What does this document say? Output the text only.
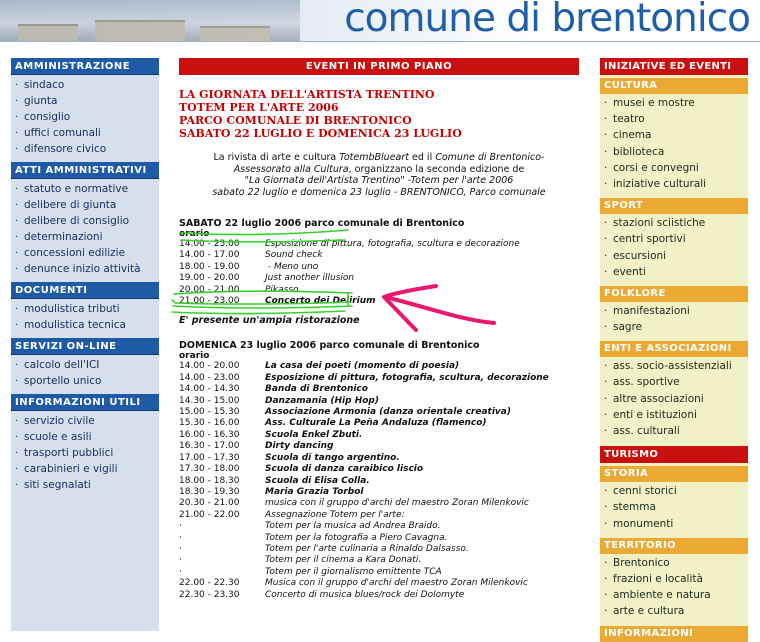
comune di brentonico
AMMINISTRAZIONE
· sindaco
· giunta
· consiglio
· uffici comunali
· difensore civico
ATTI AMMINISTRATIVI
· statuto e normative
· delibere di giunta
· delibere di consiglio
· determinazioni
· concessioni edilizie
· denunce inizio attività
DOCUMENTI
· modulistica tributi
· modulistica tecnica
SERVIZI ON-LINE
· calcolo dell'ICI
· sportello unico
INFORMAZIONI UTILI
· servizio civile
· scuole e asili
· trasporti pubblici
· carabinieri e vigili
· siti segnalati
EVENTI IN PRIMO PIANO
LA GIORNATA DELL'ARTISTA TRENTINO
TOTEM PER L'ARTE 2006
PARCO COMUNALE DI BRENTONICO
SABATO 22 LUGLIO E DOMENICA 23 LUGLIO
La rivista di arte e cultura TotembBlueart ed il Comune di Brentonico-
Assessorato alla Cultura, organizzano la seconda edizione de
"La Giornata dell'Artista Trentino" -Totem per l'arte 2006
sabato 22 luglio e domenica 23 luglio - BRENTONICO, Parco comunale
SABATO 22 luglio 2006 parco comunale di Brentonico
orario
14.00 - 23.00	Esposizione di pittura, fotografia, scultura e decorazione
14.00 - 17.00	Sound check
18.00 - 19.00	- Meno uno
19.00 - 20.00	Just another illusion
20.00 - 21.00	Pikasso
21.00 - 23.00	Concerto dei Delirium
E' presente un'ampia ristorazione
DOMENICA 23 luglio 2006 parco comunale di Brentonico
orario
14.00 - 20.00	La casa dei poeti (momento di poesia)
14.00 - 23.00	Esposizione di pittura, fotografia, scultura, decorazione
14.00 - 14.30	Banda di Brentonico
14.30 - 15.00	Danzamania (Hip Hop)
15.00 - 15.30	Associazione Armonia (danza orientale creativa)
15.30 - 16.00	Ass. Culturale La Peña Andaluza (flamenco)
16.00 - 16.30	Scuola Enkel Zbuti.
16.30 - 17.00	Dirty dancing
17.00 - 17.30	Scuola di tango argentino.
17.30 - 18.00	Scuola di danza caraibico liscio
18.00 - 18.30	Scuola di Elisa Colla.
18.30 - 19.30	Maria Grazia Torbol
20.30 - 21.00	musica con il gruppo d'archi del maestro Zoran Milenkovic
21.00 - 22.00	Assegnazione Totem per l'arte:
·	Totem per la musica ad Andrea Braido.
·	Totem per la fotografia a Piero Cavagna.
·	Totem per l'arte culinaria a Rinaldo Dalsasso.
·	Totem per il cinema a Kara Donati.
·	Totem per il giornalismo emittente TCA
22.00 - 22.30	Musica con il gruppo d'archi del maestro Zoran Milenkovic
22.30 - 23.30	Concerto di musica blues/rock dei Dolomyte
INIZIATIVE ED EVENTI
CULTURA
· musei e mostre
· teatro
· cinema
· biblioteca
· corsi e convegni
· iniziative culturali
SPORT
· stazioni sciistiche
· centri sportivi
· escursioni
· eventi
FOLKLORE
· manifestazioni
· sagre
ENTI E ASSOCIAZIONI
· ass. socio-assistenziali
· ass. sportive
· altre associazioni
· enti e istituzioni
· ass. culturali
TURISMO
STORIA
· cenni storici
· stemma
· monumenti
TERRITORIO
· Brentonico
· frazioni e località
· ambiente e natura
· arte e cultura
INFORMAZIONI
